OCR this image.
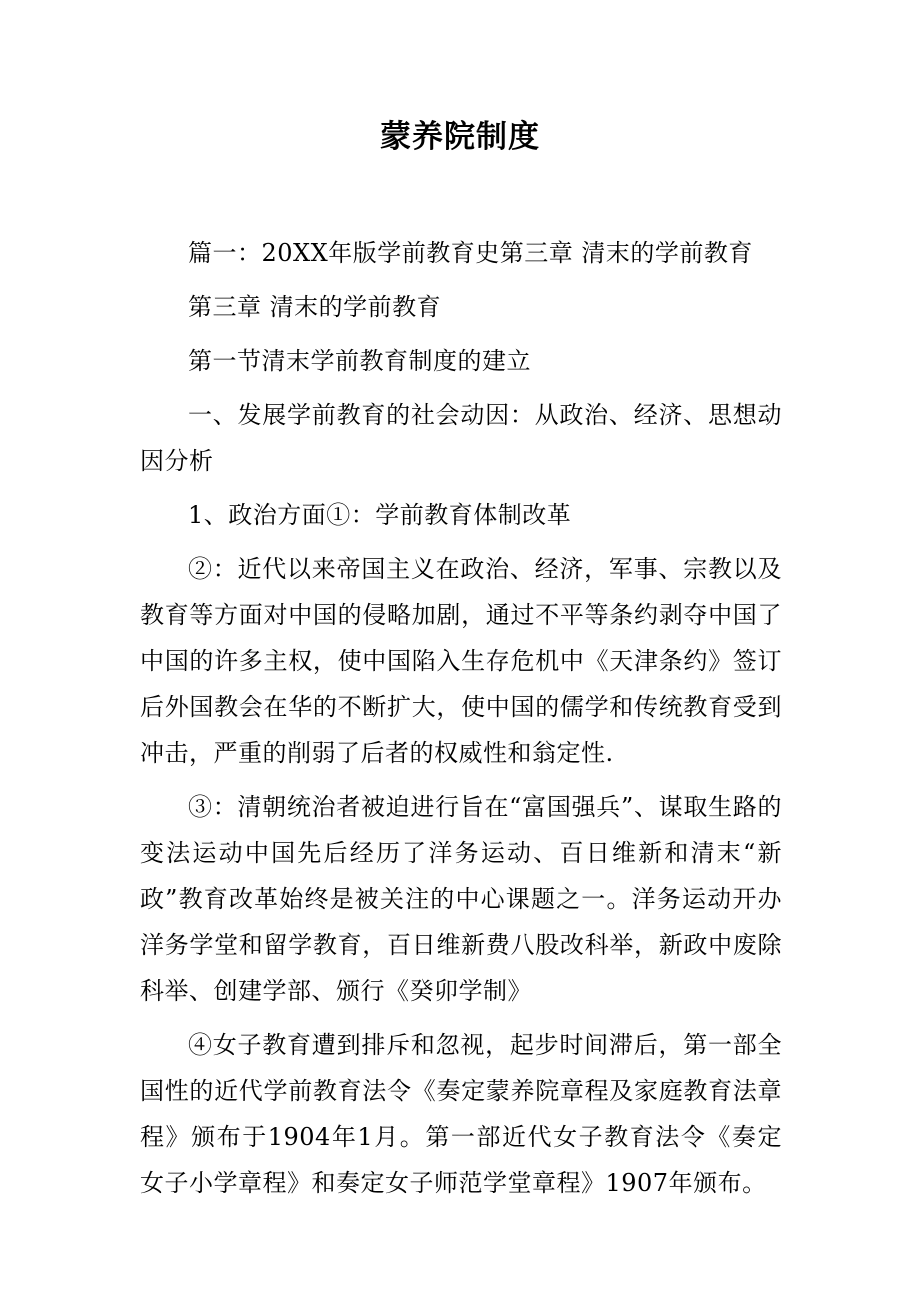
蒙养院制度

篇一：20XX年版学前教育史第三章 清末的学前教育

第三章 清末的学前教育

第一节清末学前教育制度的建立

一、发展学前教育的社会动因：从政治、经济、思想动因分析

1、政治方面①：学前教育体制改革

②：近代以来帝国主义在政治、经济，军事、宗教以及教育等方面对中国的侵略加剧，通过不平等条约剥夺中国了中国的许多主权，使中国陷入生存危机中《天津条约》签订后外国教会在华的不断扩大，使中国的儒学和传统教育受到冲击，严重的削弱了后者的权威性和翁定性.

③：清朝统治者被迫进行旨在“富国强兵”、谋取生路的变法运动中国先后经历了洋务运动、百日维新和清末“新政”教育改革始终是被关注的中心课题之一。洋务运动开办洋务学堂和留学教育，百日维新费八股改科举，新政中废除科举、创建学部、颁行《癸卯学制》

④女子教育遭到排斥和忽视，起步时间滞后，第一部全国性的近代学前教育法令《奏定蒙养院章程及家庭教育法章程》颁布于1904年1月。第一部近代女子教育法令《奏定女子小学章程》和奏定女子师范学堂章程》1907年颁布。
